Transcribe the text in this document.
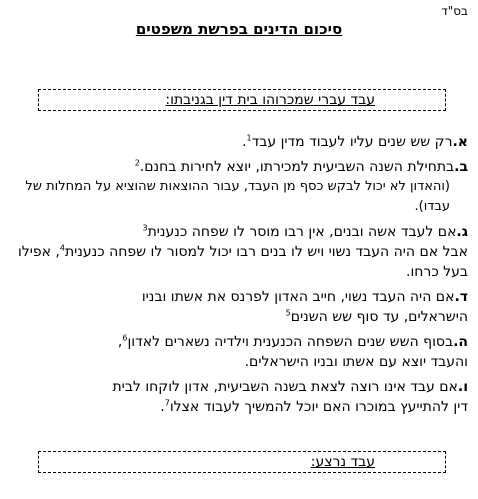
בס"ד
סיכום הדינים בפרשת משפטים
עבד עברי שמכרוהו בית דין בגניבתו:
א.רק שש שנים עליו לעבוד מדין עבד$^1$.
ב.בתחילת השנה השביעית למכירתו, יוצא לחירות בחנם.$^2$
(והאדון לא יכול לבקש כסף מן העבד, עבור ההוצאות שהוציא על המחלות של עבדו).
ג.אם לעבד אשה ובנים, אין רבו מוסר לו שפחה כנענית$^3$
אבל אם היה העבד נשוי ויש לו בנים רבו יכול למסור לו שפחה כנענית$^4$, אפילו בעל כרחו.
ד.אם היה העבד נשוי, חייב האדון לפרנס את אשתו ובניו
הישראלים, עד סוף שש השנים$^5$
ה.בסוף השש שנים השפחה הכנענית וילדיה נשארים לאדון$^6$,
והעבד יוצא עם אשתו ובניו הישראלים.
ו.אם עבד אינו רוצה לצאת בשנה השביעית, אדון לוקחו לבית
דין להתייעץ במוכרו האם יוכל להמשיך לעבוד אצלו$^7$.
עבד נרצע:
